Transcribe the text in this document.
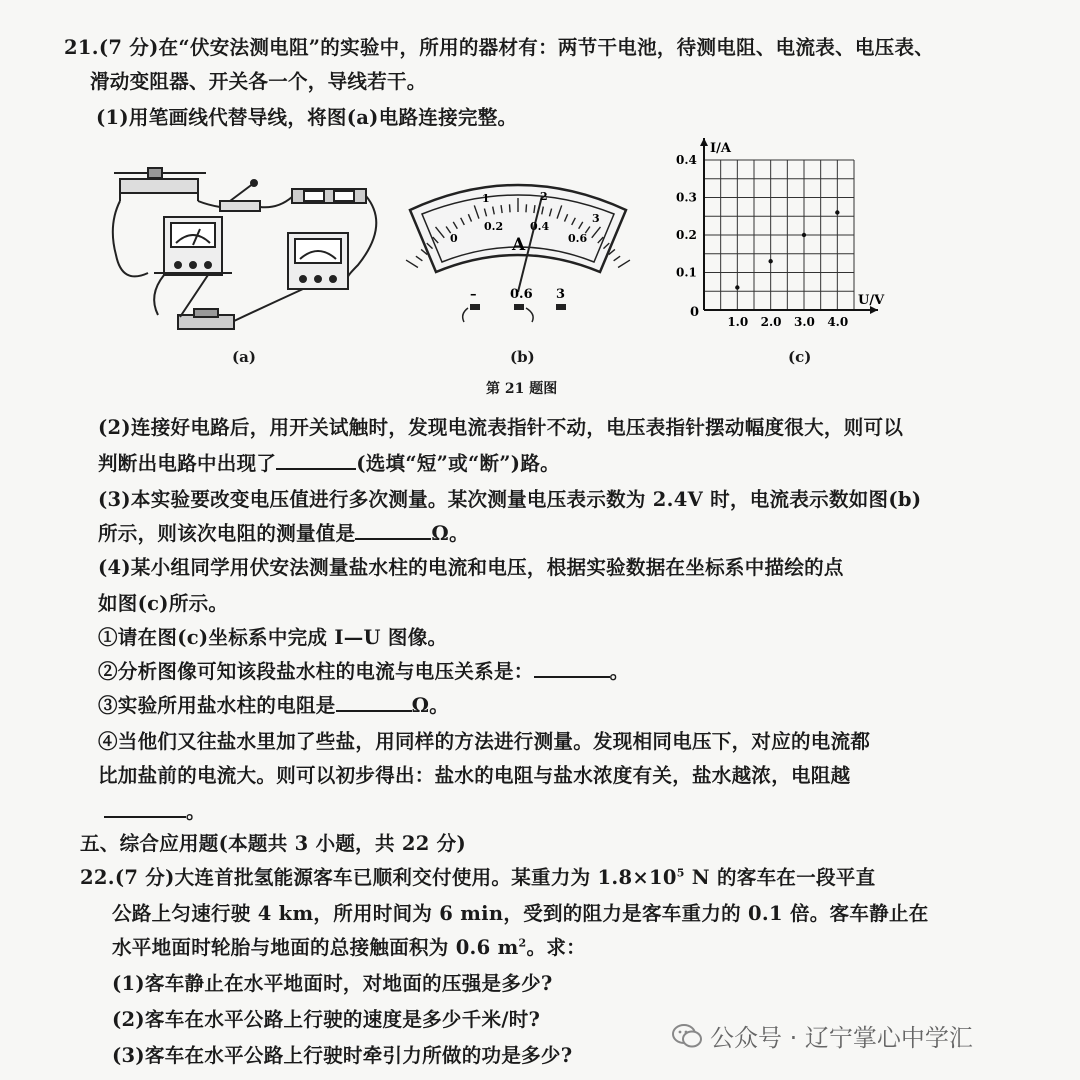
21.(7 分)在“伏安法测电阻”的实验中，所用的器材有：两节干电池，待测电阻、电流表、电压表、
滑动变阻器、开关各一个，导线若干。
(1)用笔画线代替导线，将图(a)电路连接完整。
(a)
A
1	2
3
0
0.2 0.4
0.6
–	0.6 3
(b)
I/A
U/V
0
1.0 2.0 3.0 4.0
0.1
0.2
0.3
0.4
(c)
第 21 题图
(2)连接好电路后，用开关试触时，发现电流表指针不动，电压表指针摆动幅度很大，则可以
判断出电路中出现了	(选填“短”或“断”)路。
(3)本实验要改变电压值进行多次测量。某次测量电压表示数为 2.4V 时，电流表示数如图(b)
所示，则该次电阻的测量值是	Ω。
(4)某小组同学用伏安法测量盐水柱的电流和电压，根据实验数据在坐标系中描绘的点
如图(c)所示。
①请在图(c)坐标系中完成 I—U 图像。
②分析图像可知该段盐水柱的电流与电压关系是：	。
③实验所用盐水柱的电阻是	Ω。
④当他们又往盐水里加了些盐，用同样的方法进行测量。发现相同电压下，对应的电流都
比加盐前的电流大。则可以初步得出：盐水的电阻与盐水浓度有关，盐水越浓，电阻越
。
五、综合应用题(本题共 3 小题，共 22 分)
22.(7 分)大连首批氢能源客车已顺利交付使用。某重力为 $1.8\times 10^5$ N 的客车在一段平直
公路上匀速行驶 4 km，所用时间为 6 min，受到的阻力是客车重力的 0.1 倍。客车静止在
水平地面时轮胎与地面的总接触面积为 0.6 $m^2$。求：
(1)客车静止在水平地面时，对地面的压强是多少?
(2)客车在水平公路上行驶的速度是多少千米/时?
(3)客车在水平公路上行驶时牵引力所做的功是多少?
公众号 · 辽宁掌心中学汇
